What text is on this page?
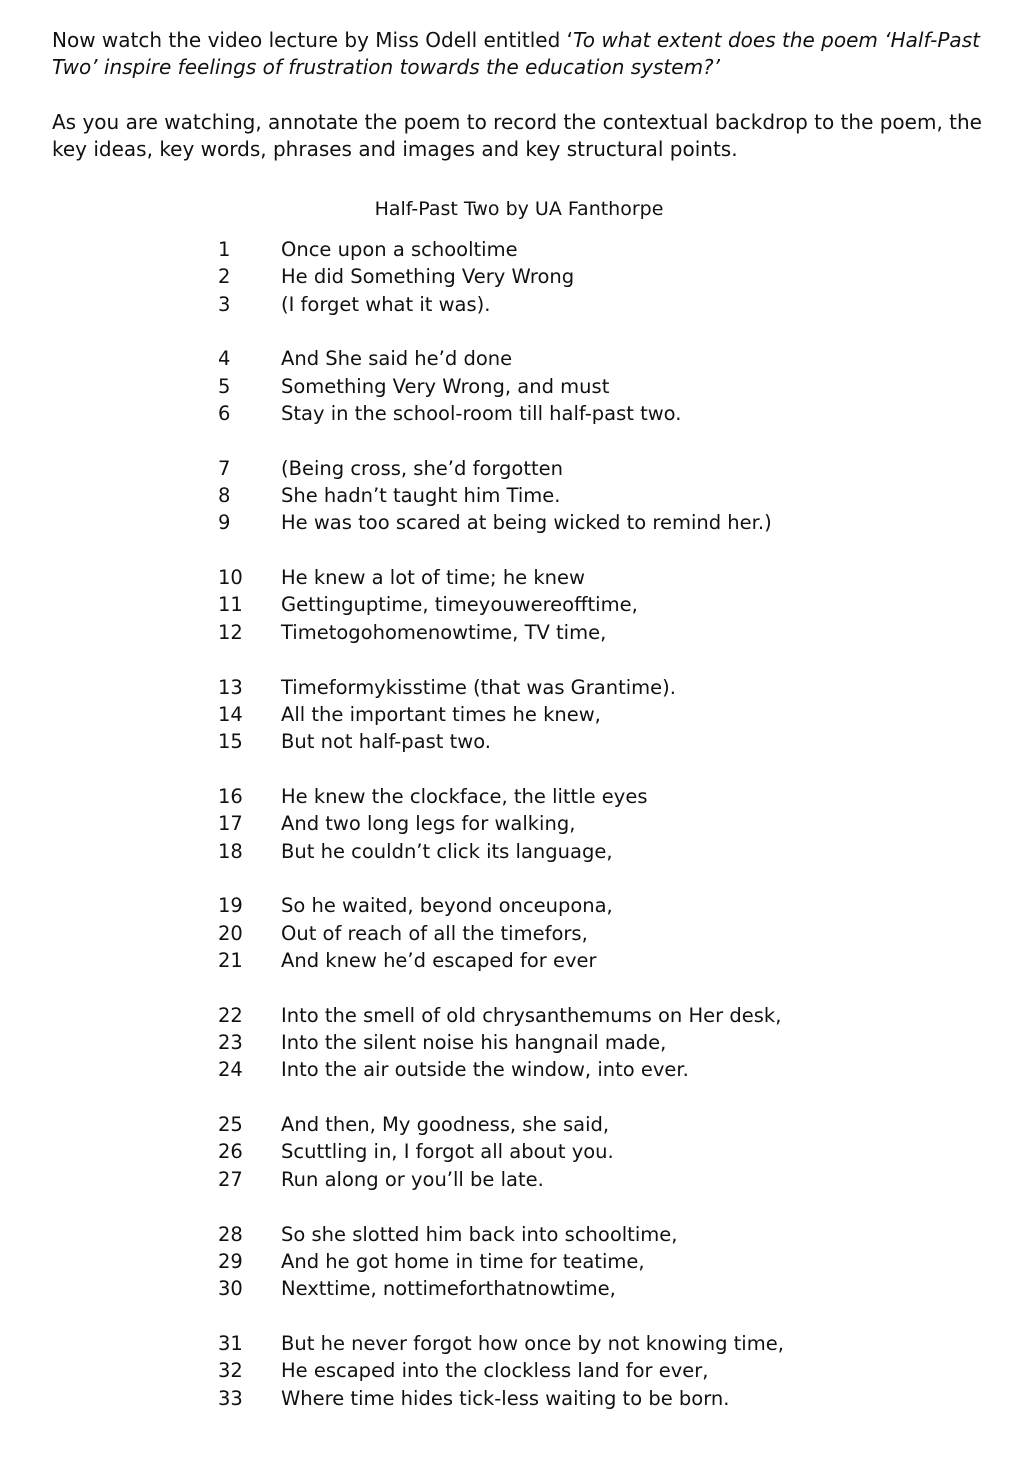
Now watch the video lecture by Miss Odell entitled ‘To what extent does the poem ‘Half-Past Two’ inspire feelings of frustration towards the education system?’

As you are watching, annotate the poem to record the contextual backdrop to the poem, the key ideas, key words, phrases and images and key structural points.

Half-Past Two by UA Fanthorpe

1	Once upon a schooltime
2	He did Something Very Wrong
3	(I forget what it was).
4	And She said he’d done
5	Something Very Wrong, and must
6	Stay in the school-room till half-past two.
7	(Being cross, she’d forgotten
8	She hadn’t taught him Time.
9	He was too scared at being wicked to remind her.)
10	He knew a lot of time; he knew
11	Gettinguptime, timeyouwereofftime,
12	Timetogohomenowtime, TV time,
13	Timeformykisstime (that was Grantime).
14	All the important times he knew,
15	But not half-past two.
16	He knew the clockface, the little eyes
17	And two long legs for walking,
18	But he couldn’t click its language,
19	So he waited, beyond onceupona,
20	Out of reach of all the timefors,
21	And knew he’d escaped for ever
22	Into the smell of old chrysanthemums on Her desk,
23	Into the silent noise his hangnail made,
24	Into the air outside the window, into ever.
25	And then, My goodness, she said,
26	Scuttling in, I forgot all about you.
27	Run along or you’ll be late.
28	So she slotted him back into schooltime,
29	And he got home in time for teatime,
30	Nexttime, nottimeforthatnowtime,
31	But he never forgot how once by not knowing time,
32	He escaped into the clockless land for ever,
33	Where time hides tick-less waiting to be born.
